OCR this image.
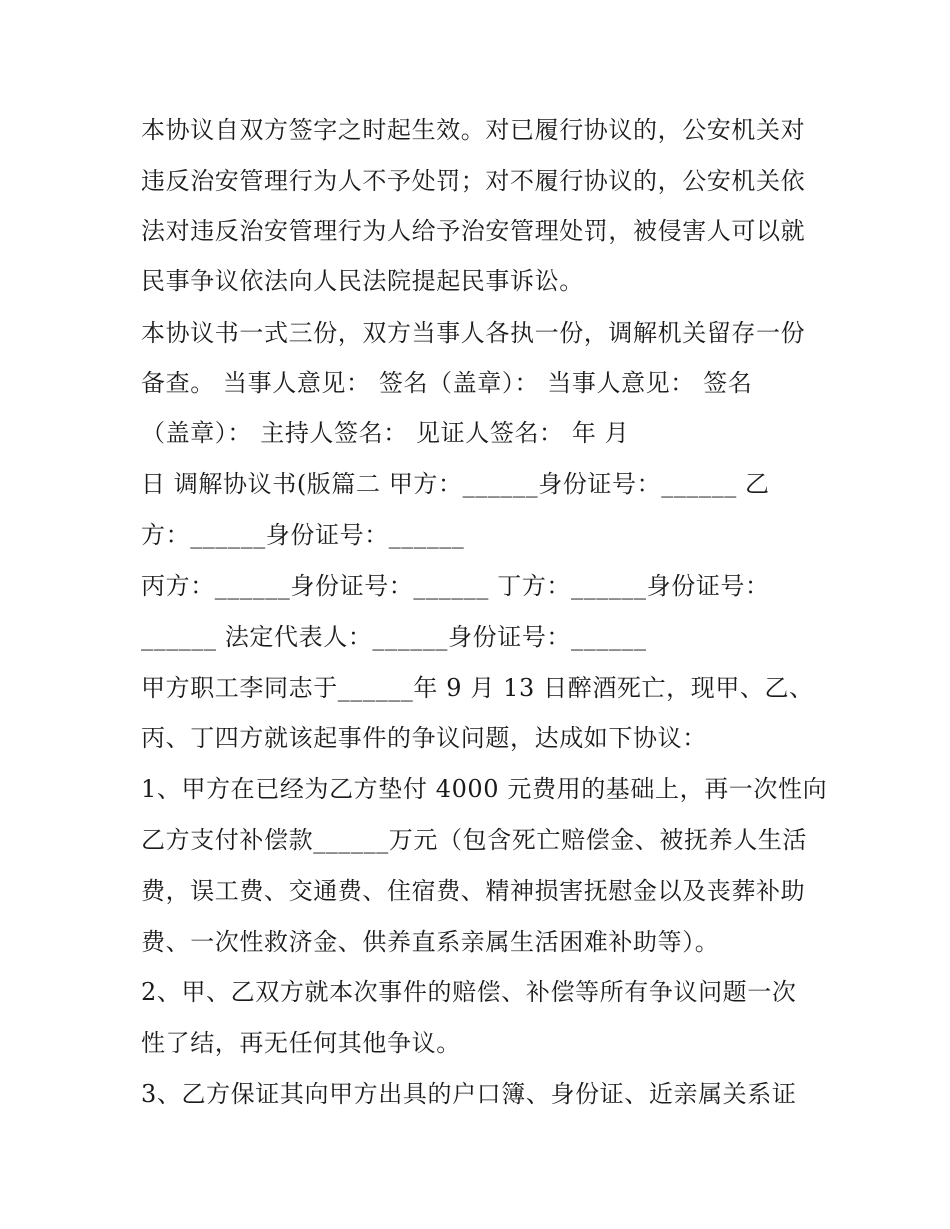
本协议自双方签字之时起生效。对已履行协议的，公安机关对
违反治安管理行为人不予处罚；对不履行协议的，公安机关依
法对违反治安管理行为人给予治安管理处罚，被侵害人可以就
民事争议依法向人民法院提起民事诉讼。
本协议书一式三份，双方当事人各执一份，调解机关留存一份
备查。 当事人意见： 签名（盖章）： 当事人意见： 签名
（盖章）： 主持人签名： 见证人签名： 年 月
日 调解协议书(版篇二 甲方：______身份证号：______ 乙
方：______身份证号：______
丙方：______身份证号：______ 丁方：______身份证号：
______ 法定代表人：______身份证号：______
甲方职工李同志于______年 9 月 13 日醉酒死亡，现甲、乙、
丙、丁四方就该起事件的争议问题，达成如下协议：
1、甲方在已经为乙方垫付 4000 元费用的基础上，再一次性向
乙方支付补偿款______万元（包含死亡赔偿金、被抚养人生活
费，误工费、交通费、住宿费、精神损害抚慰金以及丧葬补助
费、一次性救济金、供养直系亲属生活困难补助等）。
2、甲、乙双方就本次事件的赔偿、补偿等所有争议问题一次
性了结，再无任何其他争议。
3、乙方保证其向甲方出具的户口簿、身份证、近亲属关系证
